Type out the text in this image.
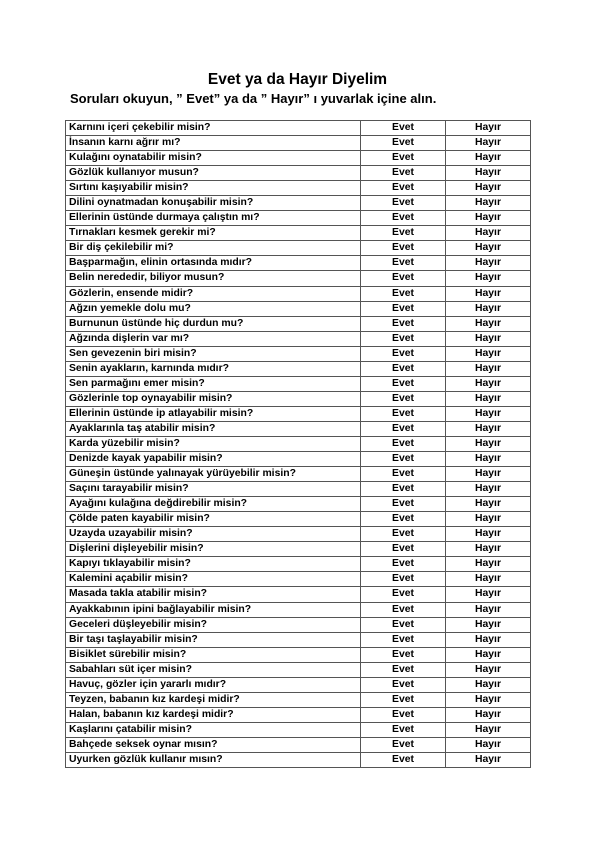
Evet ya da Hayır Diyelim
Soruları okuyun, ” Evet” ya da ” Hayır” ı yuvarlak içine alın.
Karnını içeri çekebilir misin?	Evet	Hayır
İnsanın karnı ağrır mı?	Evet	Hayır
Kulağını oynatabilir misin?	Evet	Hayır
Gözlük kullanıyor musun?	Evet	Hayır
Sırtını kaşıyabilir misin?	Evet	Hayır
Dilini oynatmadan konuşabilir misin?	Evet	Hayır
Ellerinin üstünde durmaya çalıştın mı?	Evet	Hayır
Tırnakları kesmek gerekir mi?	Evet	Hayır
Bir diş çekilebilir mi?	Evet	Hayır
Başparmağın, elinin ortasında mıdır?	Evet	Hayır
Belin nerededir, biliyor musun?	Evet	Hayır
Gözlerin, ensende midir?	Evet	Hayır
Ağzın yemekle dolu mu?	Evet	Hayır
Burnunun üstünde hiç durdun mu?	Evet	Hayır
Ağzında dişlerin var mı?	Evet	Hayır
Sen gevezenin biri misin?	Evet	Hayır
Senin ayakların, karnında mıdır?	Evet	Hayır
Sen parmağını emer misin?	Evet	Hayır
Gözlerinle top oynayabilir misin?	Evet	Hayır
Ellerinin üstünde ip atlayabilir misin?	Evet	Hayır
Ayaklarınla taş atabilir misin?	Evet	Hayır
Karda yüzebilir misin?	Evet	Hayır
Denizde kayak yapabilir misin?	Evet	Hayır
Güneşin üstünde yalınayak yürüyebilir misin?	Evet	Hayır
Saçını tarayabilir misin?	Evet	Hayır
Ayağını kulağına değdirebilir misin?	Evet	Hayır
Çölde paten kayabilir misin?	Evet	Hayır
Uzayda uzayabilir misin?	Evet	Hayır
Dişlerini dişleyebilir misin?	Evet	Hayır
Kapıyı tıklayabilir misin?	Evet	Hayır
Kalemini açabilir misin?	Evet	Hayır
Masada takla atabilir misin?	Evet	Hayır
Ayakkabının ipini bağlayabilir misin?	Evet	Hayır
Geceleri düşleyebilir misin?	Evet	Hayır
Bir taşı taşlayabilir misin?	Evet	Hayır
Bisiklet sürebilir misin?	Evet	Hayır
Sabahları süt içer misin?	Evet	Hayır
Havuç, gözler için yararlı mıdır?	Evet	Hayır
Teyzen, babanın kız kardeşi midir?	Evet	Hayır
Halan, babanın kız kardeşi midir?	Evet	Hayır
Kaşlarını çatabilir misin?	Evet	Hayır
Bahçede seksek oynar mısın?	Evet	Hayır
Uyurken gözlük kullanır mısın?	Evet	Hayır
